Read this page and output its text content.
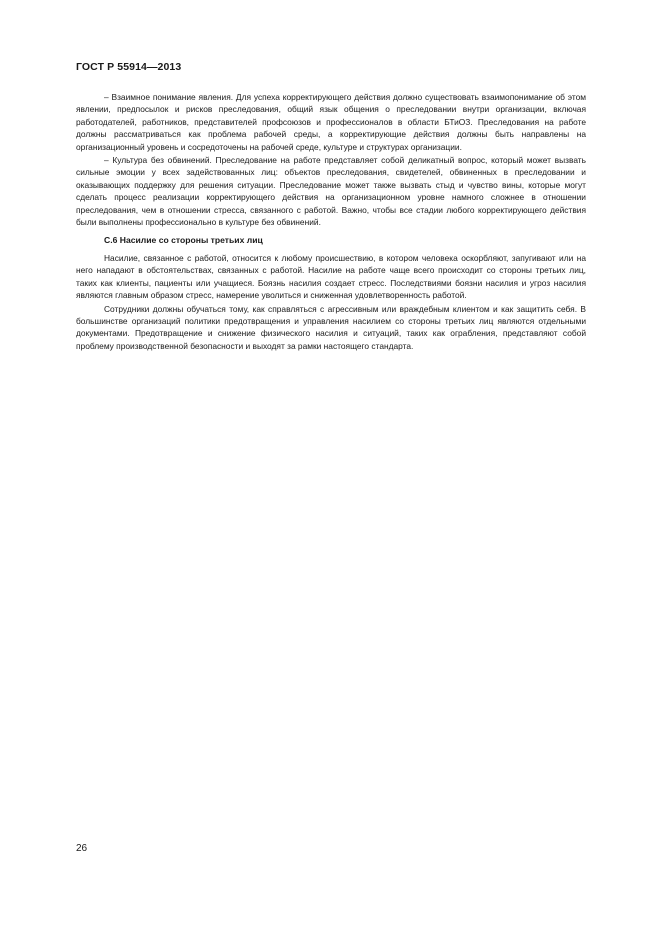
ГОСТ Р 55914—2013

– Взаимное понимание явления. Для успеха корректирующего действия должно существовать взаимопонимание об этом явлении, предпосылок и рисков преследования, общий язык общения о преследовании внутри организации, включая работодателей, работников, представителей профсоюзов и профессионалов в области БТиОЗ. Преследования на работе должны рассматриваться как проблема рабочей среды, а корректирующие действия должны быть направлены на организационный уровень и сосредоточены на рабочей среде, культуре и структурах организации.

– Культура без обвинений. Преследование на работе представляет собой деликатный вопрос, который может вызвать сильные эмоции у всех задействованных лиц: объектов преследования, свидетелей, обвиненных в преследовании и оказывающих поддержку для решения ситуации. Преследование может также вызвать стыд и чувство вины, которые могут сделать процесс реализации корректирующего действия на организационном уровне намного сложнее в отношении преследования, чем в отношении стресса, связанного с работой. Важно, чтобы все стадии любого корректирующего действия были выполнены профессионально в культуре без обвинений.

С.6 Насилие со стороны третьих лиц

Насилие, связанное с работой, относится к любому происшествию, в котором человека оскорбляют, запугивают или на него нападают в обстоятельствах, связанных с работой. Насилие на работе чаще всего происходит со стороны третьих лиц, таких как клиенты, пациенты или учащиеся. Боязнь насилия создает стресс. Последствиями боязни насилия и угроз насилия являются главным образом стресс, намерение уволиться и сниженная удовлетворенность работой.

Сотрудники должны обучаться тому, как справляться с агрессивным или враждебным клиентом и как защитить себя. В большинстве организаций политики предотвращения и управления насилием со стороны третьих лиц являются отдельными документами. Предотвращение и снижение физического насилия и ситуаций, таких как ограбления, представляют собой проблему производственной безопасности и выходят за рамки настоящего стандарта.

26
